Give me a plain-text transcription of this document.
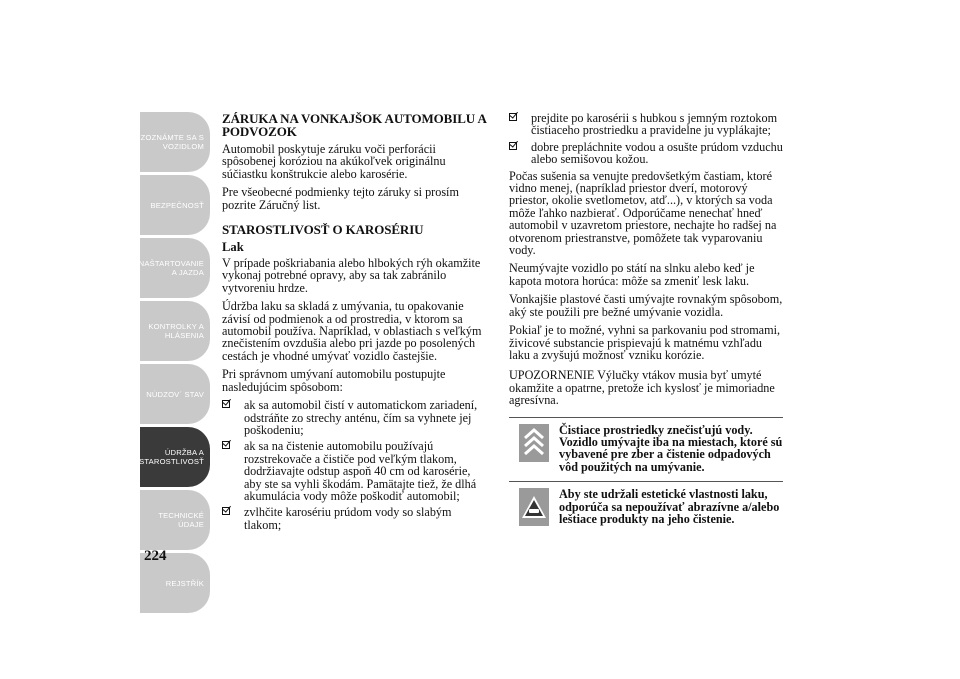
ZOZNÁMTE SA S
VOZIDLOM
BEZPEČNOSŤ
NAŠTARTOVANIE
A JAZDA
KONTROLKY A
HLÁSENIA
NÚDZOV´ STAV
ÚDRŽBA A
STAROSTLIVOSŤ
TECHNICKÉ
ÚDAJE
REJSTŘÍK
224
ZÁRUKA NA VONKAJŠOK AUTOMOBILU A PODVOZOK

Automobil poskytuje záruku voči perforácii spôsobenej koróziou na akúkoľvek originálnu súčiastku konštrukcie alebo karosérie.

Pre všeobecné podmienky tejto záruky si prosím pozrite Záručný list.

STAROSTLIVOSŤ O KAROSÉRIU
Lak

V prípade poškriabania alebo hlbokých rýh okamžite vykonaj potrebné opravy, aby sa tak zabránilo vytvoreniu hrdze.

Údržba laku sa skladá z umývania, tu opakovanie závisí od podmienok a od prostredia, v ktorom sa automobil používa. Napríklad, v oblastiach s veľkým znečistením ovzdušia alebo pri jazde po posolených cestách je vhodné umývať vozidlo častejšie.

Pri správnom umývaní automobilu postupujte nasledujúcim spôsobom:

ak sa automobil čistí v automatickom zariadení, odstráňte zo strechy anténu, čím sa vyhnete jej poškodeniu;
ak sa na čistenie automobilu používajú rozstrekovače a čističe pod veľkým tlakom, dodržiavajte odstup aspoň 40 cm od karosérie, aby ste sa vyhli škodám. Pamätajte tiež, že dlhá akumulácia vody môže poškodiť automobil;
zvlhčite karosériu prúdom vody so slabým tlakom;
prejdite po karosérii s hubkou s jemným roztokom čistiaceho prostriedku a pravidelne ju vyplákajte;
dobre prepláchnite vodou a osušte prúdom vzduchu alebo semišovou kožou.

Počas sušenia sa venujte predovšetkým častiam, ktoré vidno menej, (napríklad priestor dverí, motorový priestor, okolie svetlometov, atď...), v ktorých sa voda môže ľahko nazbierať. Odporúčame nenechať hneď automobil v uzavretom priestore, nechajte ho radšej na otvorenom priestranstve, pomôžete tak vyparovaniu vody.

Neumývajte vozidlo po státí na slnku alebo keď je kapota motora horúca: môže sa zmeniť lesk laku.

Vonkajšie plastové časti umývajte rovnakým spôsobom, aký ste použili pre bežné umývanie vozidla.

Pokiaľ je to možné, vyhni sa parkovaniu pod stromami, živicové substancie prispievajú k matnému vzhľadu laku a zvyšujú možnosť vzniku korózie.

UPOZORNENIE Výlučky vtákov musia byť umyté okamžite a opatrne, pretože ich kyslosť je mimoriadne agresívna.

Čistiace prostriedky znečisťujú vody. Vozidlo umývajte iba na miestach, ktoré sú vybavené pre zber a čistenie odpadových vôd použitých na umývanie.

Aby ste udržali estetické vlastnosti laku, odporúča sa nepoužívať abrazívne a/alebo leštiace produkty na jeho čistenie.
